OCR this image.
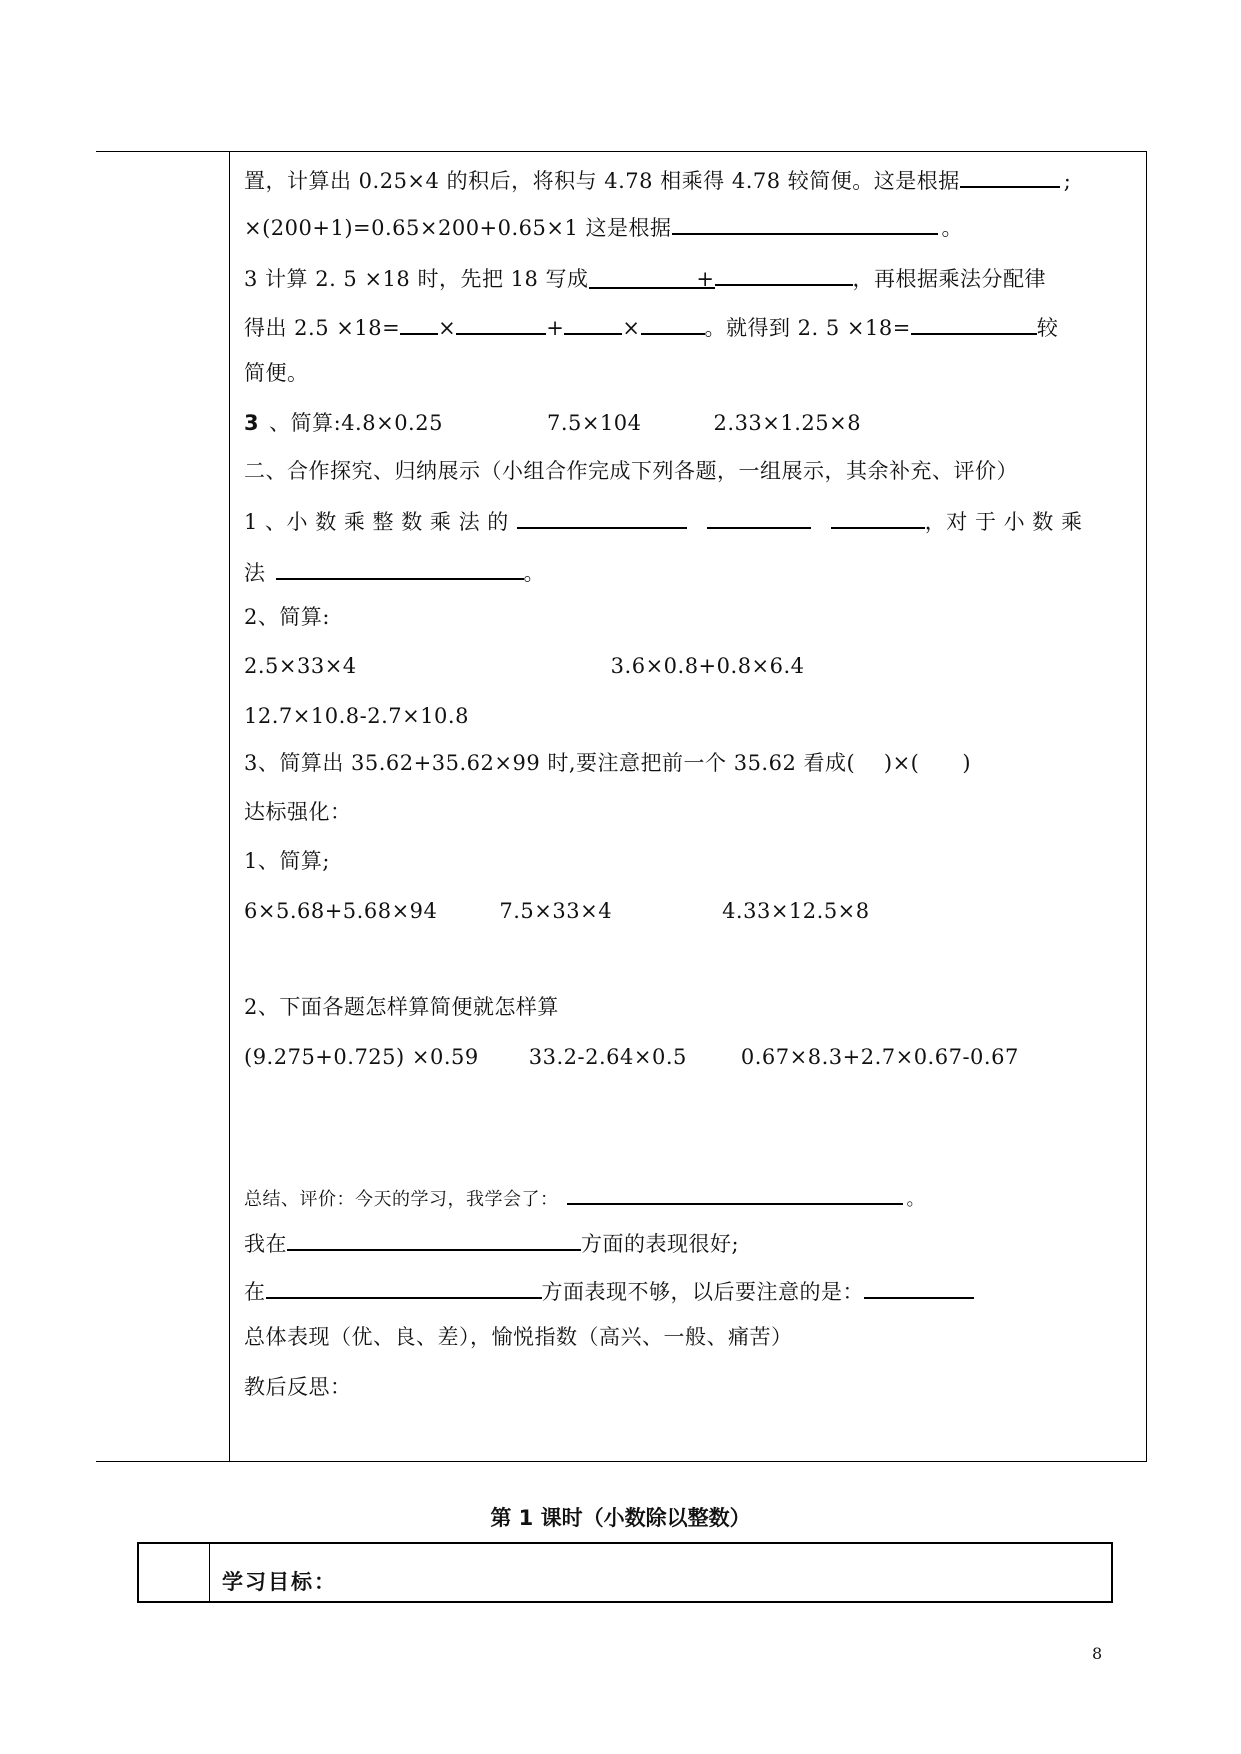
置，计算出 0.25×4 的积后，将积与 4.78 相乘得 4.78 较简便。这是根据	;
×(200+1)=0.65×200+0.65×1 这是根据	。
3 计算 2. 5 ×18 时，先把 18 写成	+	，再根据乘法分配律
得出 2.5 ×18= ×	+	×	。就得到 2. 5 ×18=	较
简便。
3 、简算:4.8×0.25	7.5×104	2.33×1.25×8
二、合作探究、归纳展示（小组合作完成下列各题，一组展示，其余补充、评价）
1 、小 数 乘 整 数 乘 法 的	，对 于 小 数 乘
法	。
2、简算:
2.5×33×4	3.6×0.8+0.8×6.4
12.7×10.8-2.7×10.8
3、简算出 35.62+35.62×99 时,要注意把前一个 35.62 看成(　 )×(　　)
达标强化：
1、简算;
6×5.68+5.68×94	7.5×33×4	4.33×12.5×8
2、下面各题怎样算简便就怎样算
(9.275+0.725) ×0.59 33.2-2.64×0.5	0.67×8.3+2.7×0.67-0.67
总结、评价：今天的学习，我学会了：	。
我在	方面的表现很好;
在	方面表现不够，以后要注意的是：
总体表现（优、良、差），愉悦指数（高兴、一般、痛苦）
教后反思：
第 1 课时（小数除以整数）
学习目标：
8
